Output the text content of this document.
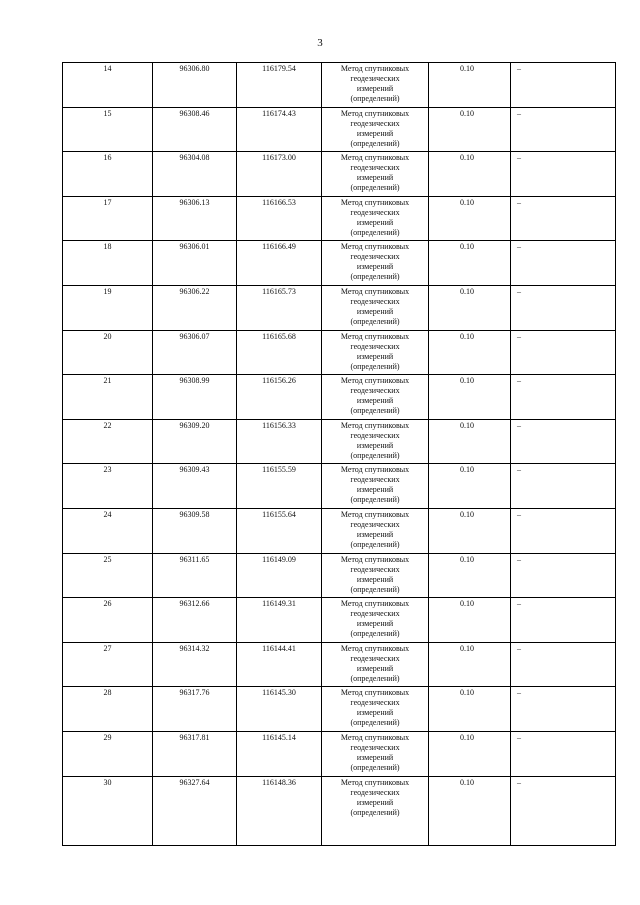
3
14	96306.80	116179.54	Метод спутниковых
геодезических
измерений
(определений)	0.10	–
15	96308.46	116174.43	Метод спутниковых
геодезических
измерений
(определений)	0.10	–
16	96304.08	116173.00	Метод спутниковых
геодезических
измерений
(определений)	0.10	–
17	96306.13	116166.53	Метод спутниковых
геодезических
измерений
(определений)	0.10	–
18	96306.01	116166.49	Метод спутниковых
геодезических
измерений
(определений)	0.10	–
19	96306.22	116165.73	Метод спутниковых
геодезических
измерений
(определений)	0.10	–
20	96306.07	116165.68	Метод спутниковых
геодезических
измерений
(определений)	0.10	–
21	96308.99	116156.26	Метод спутниковых
геодезических
измерений
(определений)	0.10	–
22	96309.20	116156.33	Метод спутниковых
геодезических
измерений
(определений)	0.10	–
23	96309.43	116155.59	Метод спутниковых
геодезических
измерений
(определений)	0.10	–
24	96309.58	116155.64	Метод спутниковых
геодезических
измерений
(определений)	0.10	–
25	96311.65	116149.09	Метод спутниковых
геодезических
измерений
(определений)	0.10	–
26	96312.66	116149.31	Метод спутниковых
геодезических
измерений
(определений)	0.10	–
27	96314.32	116144.41	Метод спутниковых
геодезических
измерений
(определений)	0.10	–
28	96317.76	116145.30	Метод спутниковых
геодезических
измерений
(определений)	0.10	–
29	96317.81	116145.14	Метод спутниковых
геодезических
измерений
(определений)	0.10	–
30	96327.64	116148.36	Метод спутниковых
геодезических
измерений
(определений)	0.10	–
